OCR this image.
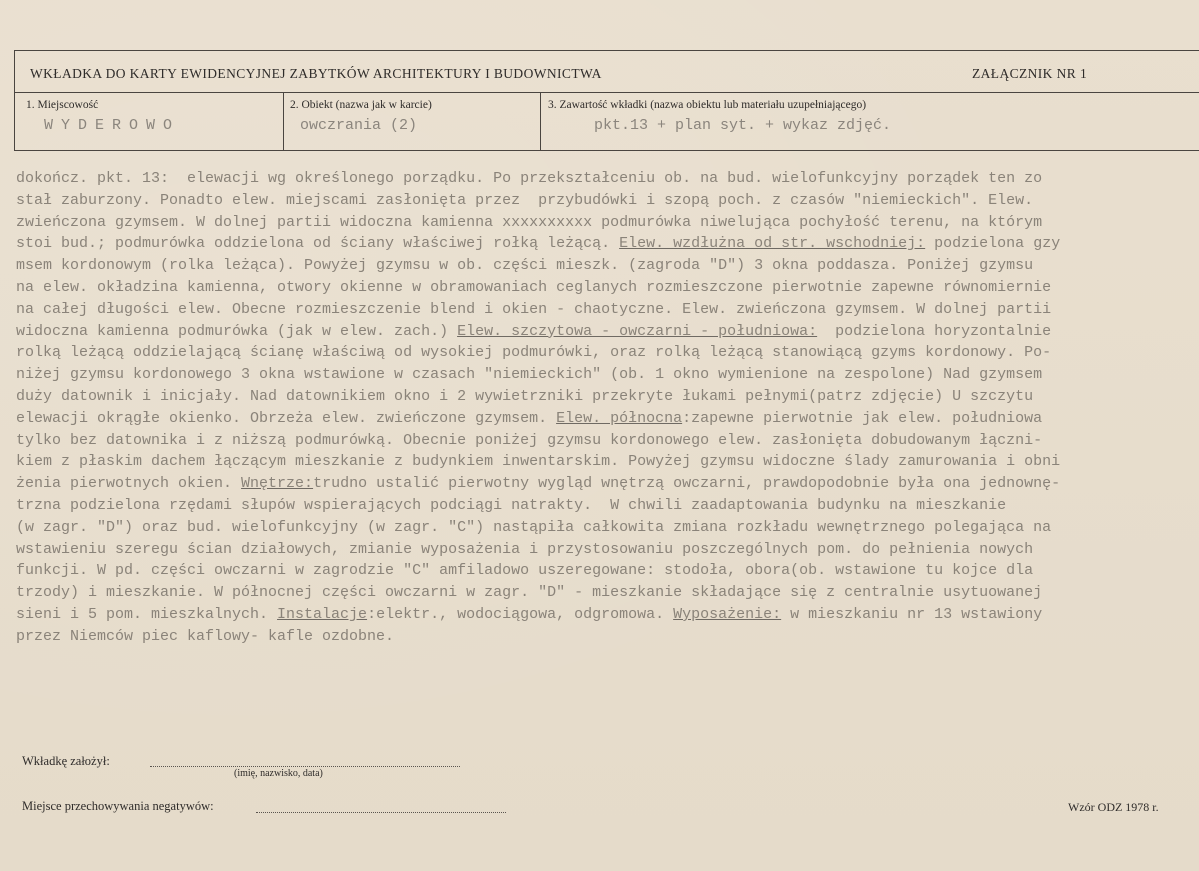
WKŁADKA DO KARTY EWIDENCYJNEJ ZABYTKÓW ARCHITEKTURY I BUDOWNICTWA	ZAŁĄCZNIK NR 1
1. Miejscowość
WYDEROWO
2. Obiekt (nazwa jak w karcie)
owczrania (2)
3. Zawartość wkładki (nazwa obiektu lub materiału uzupełniającego)
pkt.13 + plan syt. + wykaz zdjęć.
dokończ. pkt. 13:  elewacji wg określonego porządku. Po przekształceniu ob. na bud. wielofunkcyjny porządek ten zo
stał zaburzony. Ponadto elew. miejscami zasłonięta przez  przybudówki i szopą poch. z czasów "niemieckich". Elew.
zwieńczona gzymsem. W dolnej partii widoczna kamienna xxxxxxxxxx podmurówka niwelująca pochyłość terenu, na którym
stoi bud.; podmurówka oddzielona od ściany właściwej rołką leżącą. Elew. wzdłużna od str. wschodniej: podzielona gzy
msem kordonowym (rolka leżąca). Powyżej gzymsu w ob. części mieszk. (zagroda "D") 3 okna poddasza. Poniżej gzymsu
na elew. okładzina kamienna, otwory okienne w obramowaniach ceglanych rozmieszczone pierwotnie zapewne równomiernie
na całej długości elew. Obecne rozmieszczenie blend i okien - chaotyczne. Elew. zwieńczona gzymsem. W dolnej partii
widoczna kamienna podmurówka (jak w elew. zach.) Elew. szczytowa - owczarni - południowa:  podzielona horyzontalnie
rolką leżącą oddzielającą ścianę właściwą od wysokiej podmurówki, oraz rolką leżącą stanowiącą gzyms kordonowy. Po-
niżej gzymsu kordonowego 3 okna wstawione w czasach "niemieckich" (ob. 1 okno wymienione na zespolone) Nad gzymsem
duży datownik i inicjały. Nad datownikiem okno i 2 wywietrzniki przekryte łukami pełnymi(patrz zdjęcie) U szczytu
elewacji okrągłe okienko. Obrzeża elew. zwieńczone gzymsem. Elew. północna:zapewne pierwotnie jak elew. południowa
tylko bez datownika i z niższą podmurówką. Obecnie poniżej gzymsu kordonowego elew. zasłonięta dobudowanym łączni-
kiem z płaskim dachem łączącym mieszkanie z budynkiem inwentarskim. Powyżej gzymsu widoczne ślady zamurowania i obni
żenia pierwotnych okien. Wnętrze:trudno ustalić pierwotny wygląd wnętrzą owczarni, prawdopodobnie była ona jednownę-
trzna podzielona rzędami słupów wspierających podciągi natrakty.  W chwili zaadaptowania budynku na mieszkanie
(w zagr. "D") oraz bud. wielofunkcyjny (w zagr. "C") nastąpiła całkowita zmiana rozkładu wewnętrznego polegająca na
wstawieniu szeregu ścian działowych, zmianie wyposażenia i przystosowaniu poszczególnych pom. do pełnienia nowych
funkcji. W pd. części owczarni w zagrodzie "C" amfiladowo uszeregowane: stodoła, obora(ob. wstawione tu kojce dla
trzody) i mieszkanie. W północnej części owczarni w zagr. "D" - mieszkanie składające się z centralnie usytuowanej
sieni i 5 pom. mieszkalnych. Instalacje:elektr., wodociągowa, odgromowa. Wyposażenie: w mieszkaniu nr 13 wstawiony
przez Niemców piec kaflowy- kafle ozdobne.
Wkładkę założył:
(imię, nazwisko, data)
Miejsce przechowywania negatywów:	Wzór ODZ 1978 r.
